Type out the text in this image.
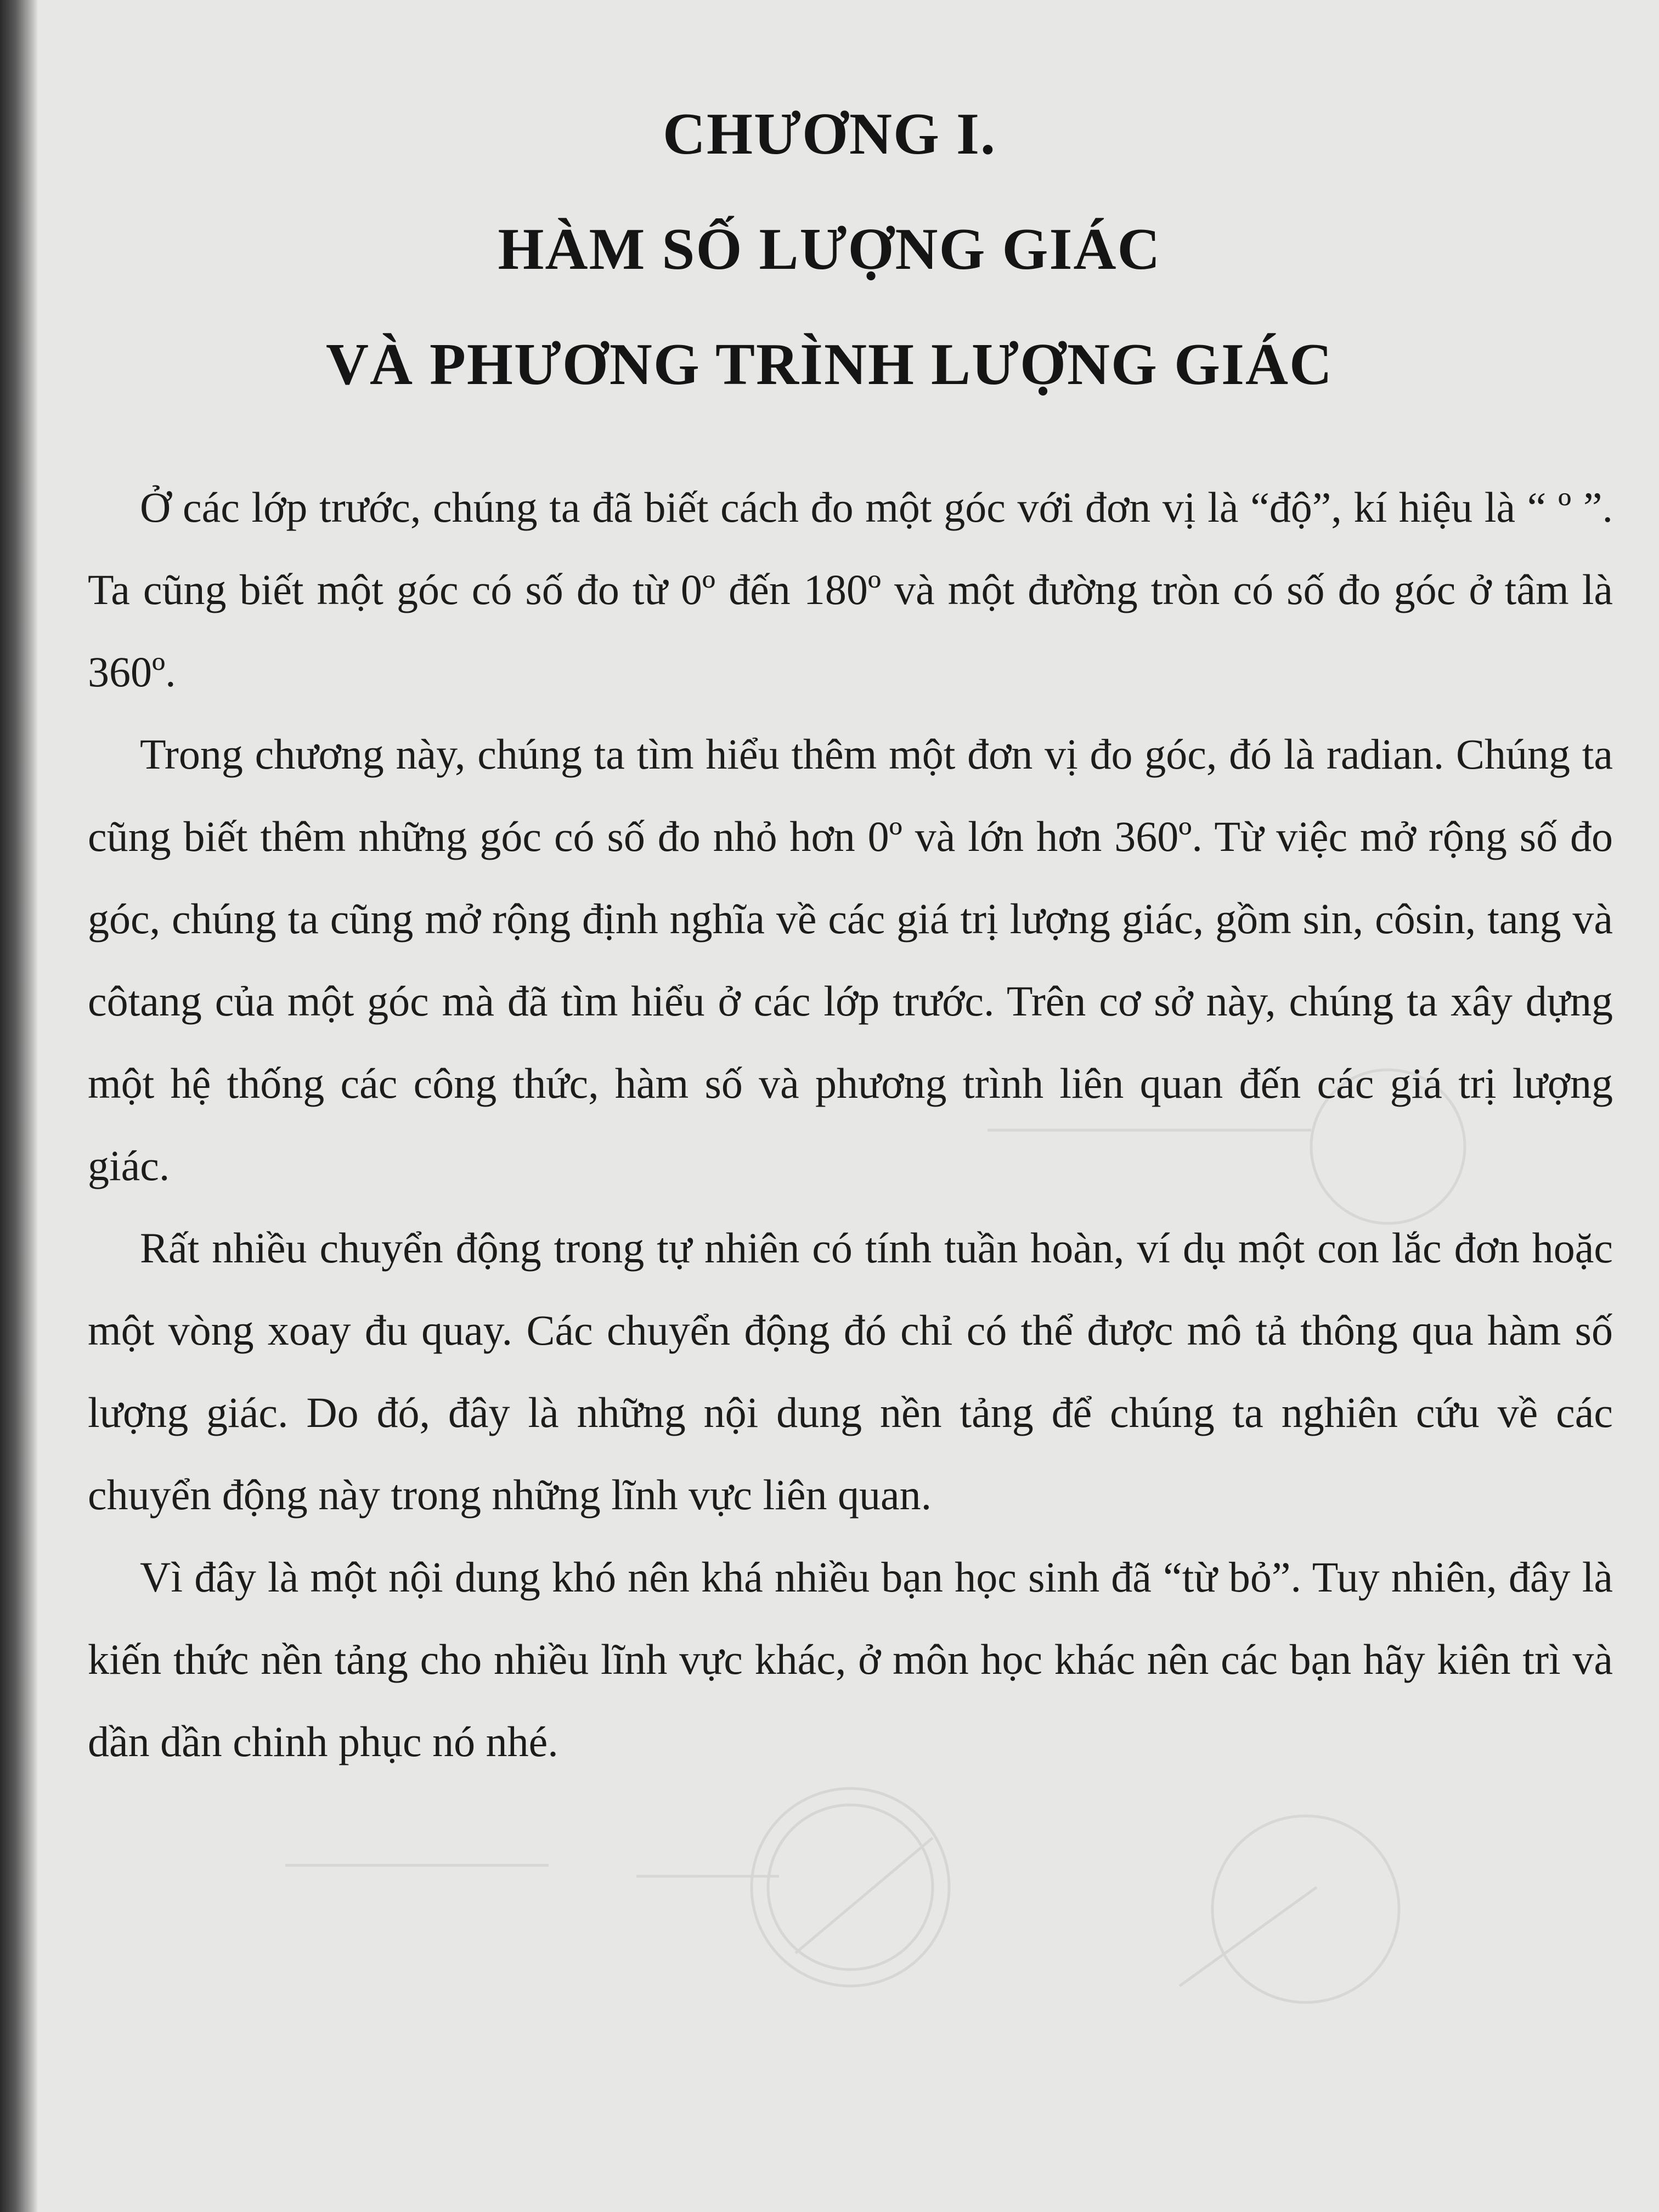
CHƯƠNG I.
HÀM SỐ LƯỢNG GIÁC
VÀ PHƯƠNG TRÌNH LƯỢNG GIÁC

Ở các lớp trước, chúng ta đã biết cách đo một góc với đơn vị là “độ”, kí hiệu là “ º ”. Ta cũng biết một góc có số đo từ 0º đến 180º và một đường tròn có số đo góc ở tâm là 360º.

Trong chương này, chúng ta tìm hiểu thêm một đơn vị đo góc, đó là radian. Chúng ta cũng biết thêm những góc có số đo nhỏ hơn 0º và lớn hơn 360º. Từ việc mở rộng số đo góc, chúng ta cũng mở rộng định nghĩa về các giá trị lượng giác, gồm sin, côsin, tang và côtang của một góc mà đã tìm hiểu ở các lớp trước. Trên cơ sở này, chúng ta xây dựng một hệ thống các công thức, hàm số và phương trình liên quan đến các giá trị lượng giác.

Rất nhiều chuyển động trong tự nhiên có tính tuần hoàn, ví dụ một con lắc đơn hoặc một vòng xoay đu quay. Các chuyển động đó chỉ có thể được mô tả thông qua hàm số lượng giác. Do đó, đây là những nội dung nền tảng để chúng ta nghiên cứu về các chuyển động này trong những lĩnh vực liên quan.

Vì đây là một nội dung khó nên khá nhiều bạn học sinh đã “từ bỏ”. Tuy nhiên, đây là kiến thức nền tảng cho nhiều lĩnh vực khác, ở môn học khác nên các bạn hãy kiên trì và dần dần chinh phục nó nhé.
